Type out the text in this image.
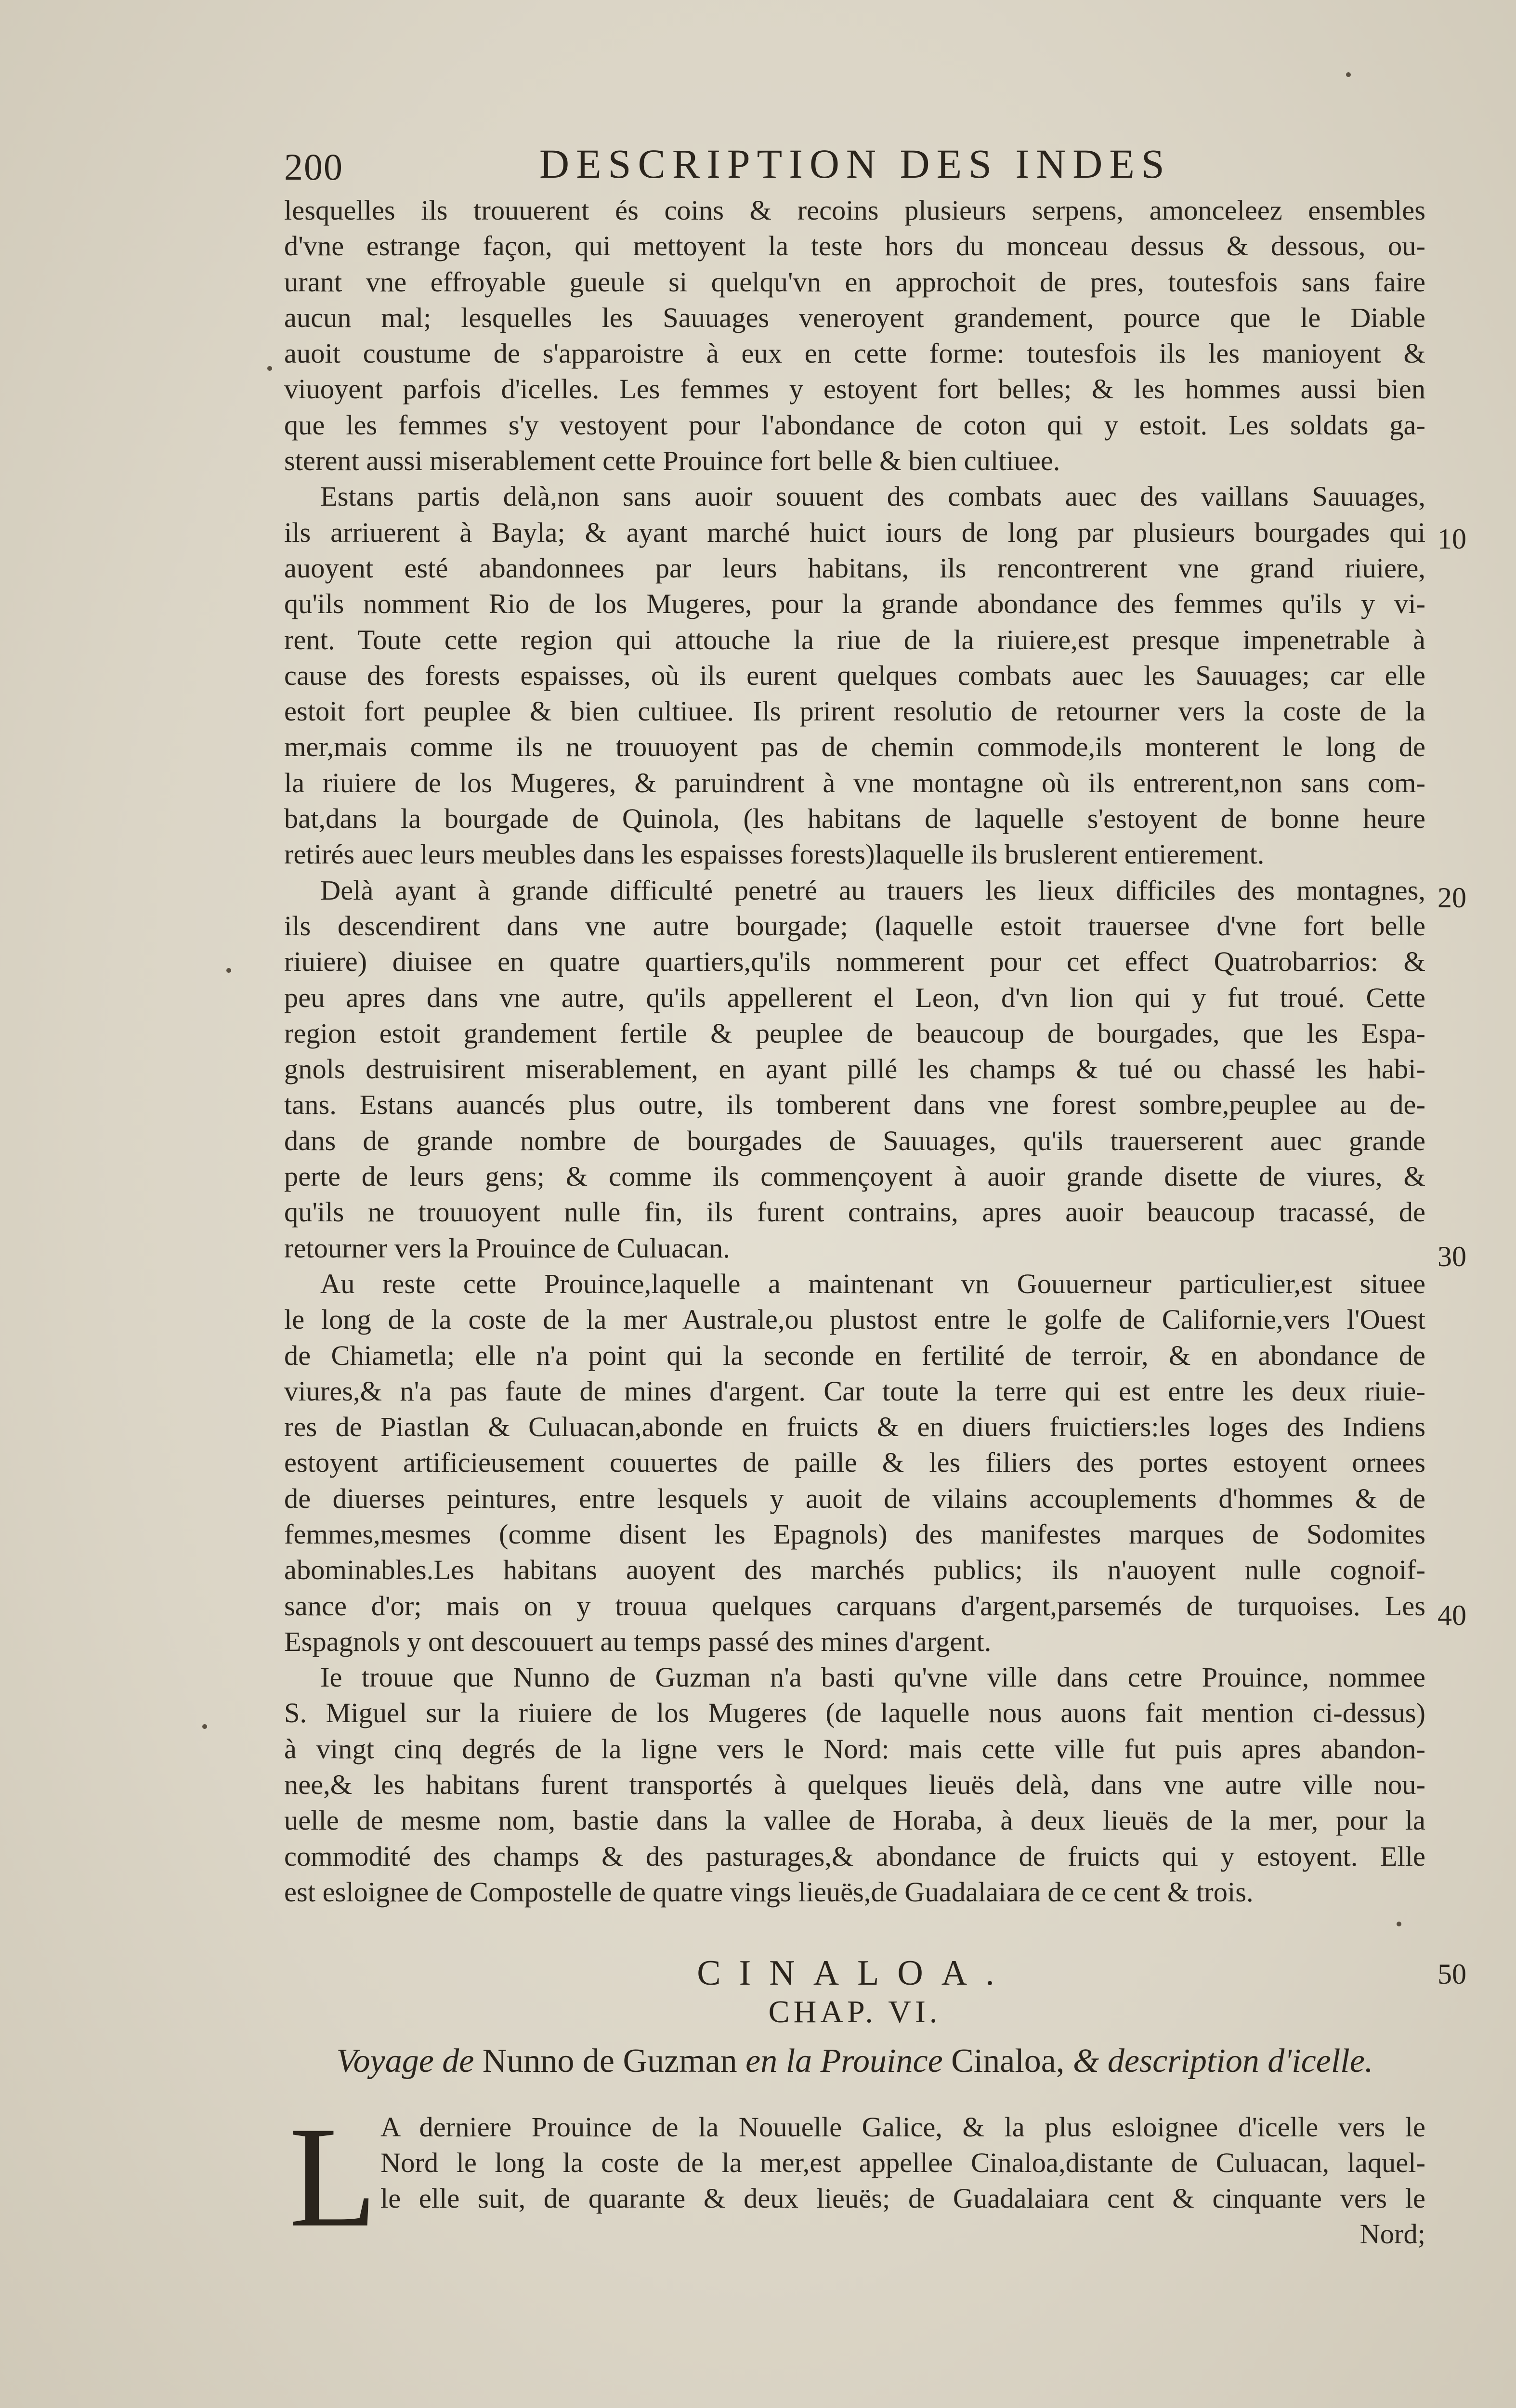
200	DESCRIPTION DES INDES
lesquelles ils trouuerent és coins & recoins plusieurs serpens, amonceleez ensembles
d'vne estrange façon, qui mettoyent la teste hors du monceau dessus & dessous, ou-
urant vne effroyable gueule si quelqu'vn en approchoit de pres, toutesfois sans faire
aucun mal; lesquelles les Sauuages veneroyent grandement, pource que le Diable
auoit coustume de s'apparoistre à eux en cette forme: toutesfois ils les manioyent &
viuoyent parfois d'icelles. Les femmes y estoyent fort belles; & les hommes aussi bien
que les femmes s'y vestoyent pour l'abondance de coton qui y estoit. Les soldats ga-
sterent aussi miserablement cette Prouince fort belle & bien cultiuee.
Estans partis delà,non sans auoir souuent des combats auec des vaillans Sauuages,
ils arriuerent à Bayla; & ayant marché huict iours de long par plusieurs bourgades qui
auoyent esté abandonnees par leurs habitans, ils rencontrerent vne grand riuiere,
qu'ils nomment Rio de los Mugeres, pour la grande abondance des femmes qu'ils y vi-
rent. Toute cette region qui attouche la riue de la riuiere,est presque impenetrable à
cause des forests espaisses, où ils eurent quelques combats auec les Sauuages; car elle
estoit fort peuplee & bien cultiuee. Ils prirent resolutio de retourner vers la coste de la
mer,mais comme ils ne trouuoyent pas de chemin commode,ils monterent le long de
la riuiere de los Mugeres, & paruindrent à vne montagne où ils entrerent,non sans com-
bat,dans la bourgade de Quinola, (les habitans de laquelle s'estoyent de bonne heure
retirés auec leurs meubles dans les espaisses forests)laquelle ils bruslerent entierement.
Delà ayant à grande difficulté penetré au trauers les lieux difficiles des montagnes,
ils descendirent dans vne autre bourgade; (laquelle estoit trauersee d'vne fort belle
riuiere) diuisee en quatre quartiers,qu'ils nommerent pour cet effect Quatrobarrios: &
peu apres dans vne autre, qu'ils appellerent el Leon, d'vn lion qui y fut troué. Cette
region estoit grandement fertile & peuplee de beaucoup de bourgades, que les Espa-
gnols destruisirent miserablement, en ayant pillé les champs & tué ou chassé les habi-
tans. Estans auancés plus outre, ils tomberent dans vne forest sombre,peuplee au de-
dans de grande nombre de bourgades de Sauuages, qu'ils trauerserent auec grande
perte de leurs gens; & comme ils commençoyent à auoir grande disette de viures, &
qu'ils ne trouuoyent nulle fin, ils furent contrains, apres auoir beaucoup tracassé, de
retourner vers la Prouince de Culuacan.
Au reste cette Prouince,laquelle a maintenant vn Gouuerneur particulier,est situee
le long de la coste de la mer Australe,ou plustost entre le golfe de Californie,vers l'Ouest
de Chiametla; elle n'a point qui la seconde en fertilité de terroir, & en abondance de
viures,& n'a pas faute de mines d'argent. Car toute la terre qui est entre les deux riuie-
res de Piastlan & Culuacan,abonde en fruicts & en diuers fruictiers:les loges des Indiens
estoyent artificieusement couuertes de paille & les filiers des portes estoyent ornees
de diuerses peintures, entre lesquels y auoit de vilains accouplements d'hommes & de
femmes,mesmes (comme disent les Epagnols) des manifestes marques de Sodomites
abominables.Les habitans auoyent des marchés publics; ils n'auoyent nulle cognoif-
sance d'or; mais on y trouua quelques carquans d'argent,parsemés de turquoises. Les
Espagnols y ont descouuert au temps passé des mines d'argent.
Ie trouue que Nunno de Guzman n'a basti qu'vne ville dans cetre Prouince, nommee
S. Miguel sur la riuiere de los Mugeres (de laquelle nous auons fait mention ci-dessus)
à vingt cinq degrés de la ligne vers le Nord: mais cette ville fut puis apres abandon-
nee,& les habitans furent transportés à quelques lieuës delà, dans vne autre ville nou-
uelle de mesme nom, bastie dans la vallee de Horaba, à deux lieuës de la mer, pour la
commodité des champs & des pasturages,& abondance de fruicts qui y estoyent. Elle
est esloignee de Compostelle de quatre vings lieuës,de Guadalaiara de ce cent & trois.
10
20
30
40
50
CINALOA.
CHAP. VI.
Voyage de Nunno de Guzman en la Prouince Cinaloa, & description d'icelle.
L A derniere Prouince de la Nouuelle Galice, & la plus esloignee d'icelle vers le
Nord le long la coste de la mer,est appellee Cinaloa,distante de Culuacan, laquel-
le elle suit, de quarante & deux lieuës; de Guadalaiara cent & cinquante vers le
Nord;
